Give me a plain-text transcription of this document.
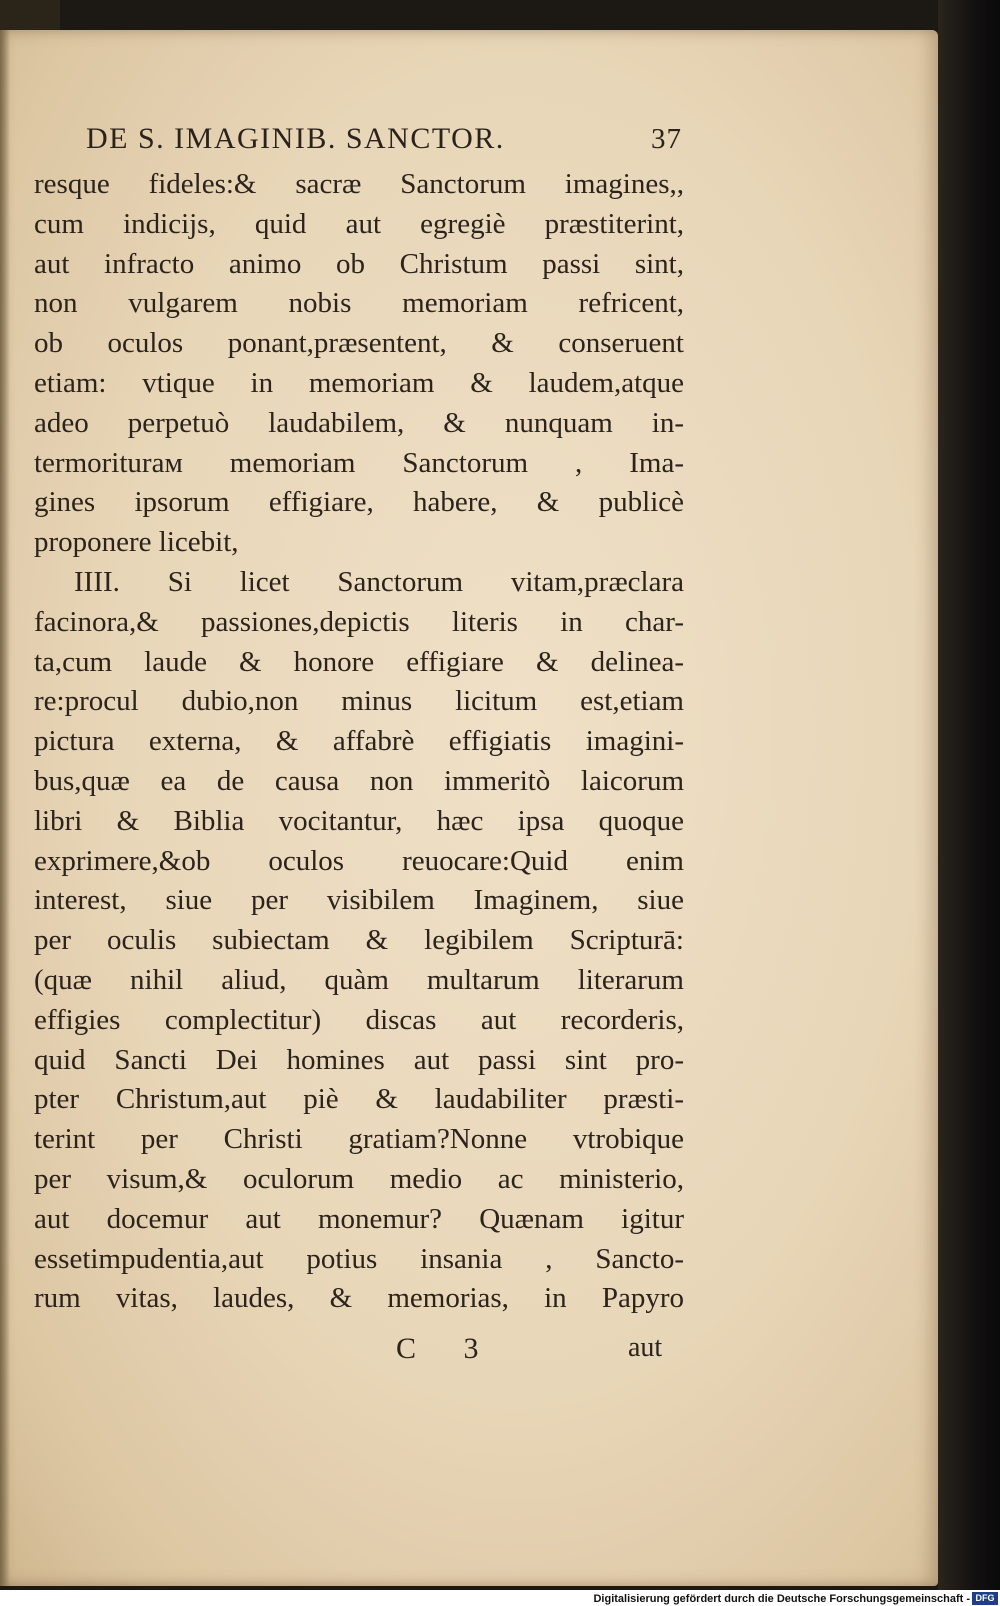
DE S. IMAGINIB. SANCTOR.	37
resque fideles:& sacræ Sanctorum imagines,,
cum indicijs, quid aut egregiè præstiterint,
aut infracto animo ob Christum passi sint,
non vulgarem nobis memoriam refricent,
ob oculos ponant,præsentent, & conseruent
etiam: vtique in memoriam & laudem,atque
adeo perpetuò laudabilem, & nunquam in-
termoriturам memoriam Sanctorum , Ima-
gines ipsorum effigiare, habere, & publicè
proponere licebit,
IIII. Si licet Sanctorum vitam,præclara
facinora,& passiones,depictis literis in char-
ta,cum laude & honore effigiare & delinea-
re:procul dubio,non minus licitum est,etiam
pictura externa, & affabrè effigiatis imagini-
bus,quæ ea de causa non immeritò laicorum
libri & Biblia vocitantur, hæc ipsa quoque
exprimere,&ob oculos reuocare:Quid enim
interest, siue per visibilem Imaginem, siue
per oculis subiectam & legibilem Scripturā:
(quæ nihil aliud, quàm multarum literarum
effigies complectitur) discas aut recorderis,
quid Sancti Dei homines aut passi sint pro-
pter Christum,aut piè & laudabiliter præsti-
terint per Christi gratiam?Nonne vtrobique
per visum,& oculorum medio ac ministerio,
aut docemur aut monemur? Quænam igitur
essetimpudentia,aut potius insania , Sancto-
rum vitas, laudes, & memorias, in Papyro
C 3	aut
Digitalisierung gefördert durch die Deutsche Forschungsgemeinschaft - DFG
